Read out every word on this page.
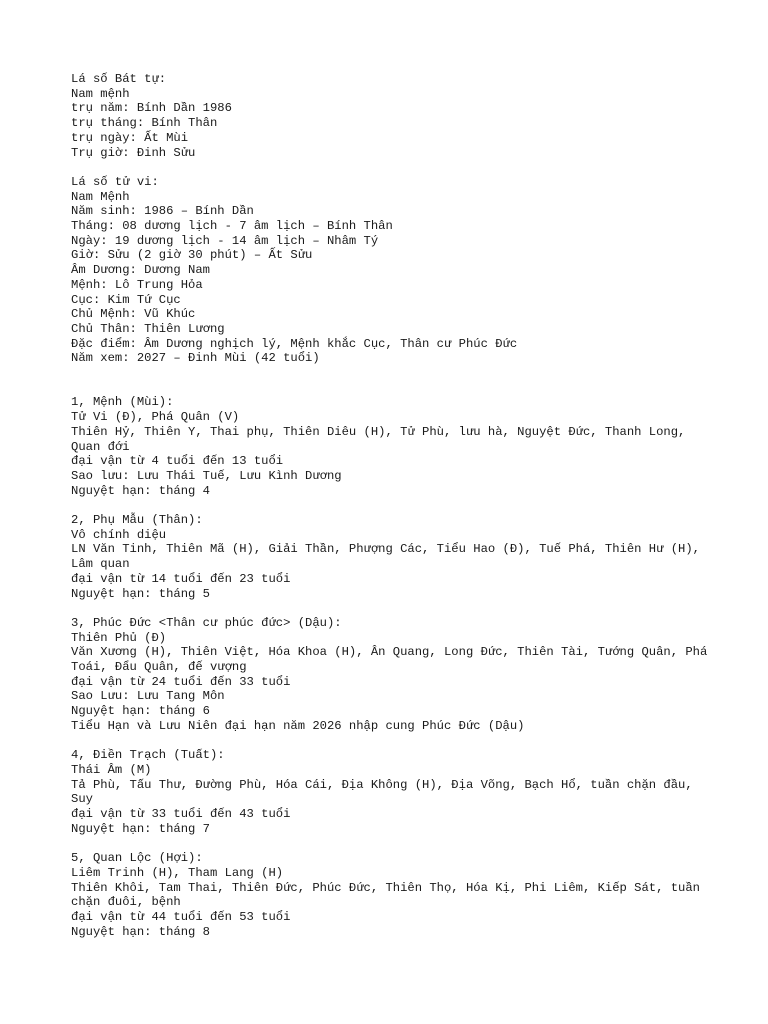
Lá số Bát tự:

Nam mệnh

trụ năm: Bính Dần 1986

trụ tháng: Bính Thân

trụ ngày: Ất Mùi

Trụ giờ: Đinh Sửu

Lá số tử vi:

Nam Mệnh

Năm sinh: 1986 – Bính Dần

Tháng: 08 dương lịch - 7 âm lịch – Bính Thân

Ngày: 19 dương lịch - 14 âm lịch – Nhâm Tý

Giờ: Sửu (2 giờ 30 phút) – Ất Sửu

Âm Dương: Dương Nam

Mệnh: Lô Trung Hỏa

Cục: Kim Tứ Cục

Chủ Mệnh: Vũ Khúc

Chủ Thân: Thiên Lương

Đặc điểm: Âm Dương nghịch lý, Mệnh khắc Cục, Thân cư Phúc Đức

Năm xem: 2027 – Đinh Mùi (42 tuổi)

1, Mệnh (Mùi):

Tử Vi (Đ), Phá Quân (V)

Thiên Hỷ, Thiên Y, Thai phụ, Thiên Diêu (H), Tử Phù, lưu hà, Nguyệt Đức, Thanh Long, Quan đới

đại vận từ 4 tuổi đến 13 tuổi

Sao lưu: Lưu Thái Tuế, Lưu Kình Dương

Nguyệt hạn: tháng 4

2, Phụ Mẫu (Thân):

Vô chính diệu

LN Văn Tinh, Thiên Mã (H), Giải Thần, Phượng Các, Tiểu Hao (Đ), Tuế Phá, Thiên Hư (H), Lâm quan

đại vận từ 14 tuổi đến 23 tuổi

Nguyệt hạn: tháng 5

3, Phúc Đức <Thân cư phúc đức> (Dậu):

Thiên Phủ (Đ)

Văn Xương (H), Thiên Việt, Hóa Khoa (H), Ân Quang, Long Đức, Thiên Tài, Tướng Quân, Phá Toái, Đẩu Quân, đế vượng

đại vận từ 24 tuổi đến 33 tuổi

Sao Lưu: Lưu Tang Môn

Nguyệt hạn: tháng 6

Tiểu Hạn và Lưu Niên đại hạn năm 2026 nhập cung Phúc Đức (Dậu)

4, Điền Trạch (Tuất):

Thái Âm (M)

Tả Phù, Tấu Thư, Đường Phù, Hóa Cái, Địa Không (H), Địa Võng, Bạch Hổ, tuần chặn đầu, Suy

đại vận từ 33 tuổi đến 43 tuổi

Nguyệt hạn: tháng 7

5, Quan Lộc (Hợi):

Liêm Trinh (H), Tham Lang (H)

Thiên Khôi, Tam Thai, Thiên Đức, Phúc Đức, Thiên Thọ, Hóa Kị, Phi Liêm, Kiếp Sát, tuần chặn đuôi, bệnh

đại vận từ 44 tuổi đến 53 tuổi

Nguyệt hạn: tháng 8
